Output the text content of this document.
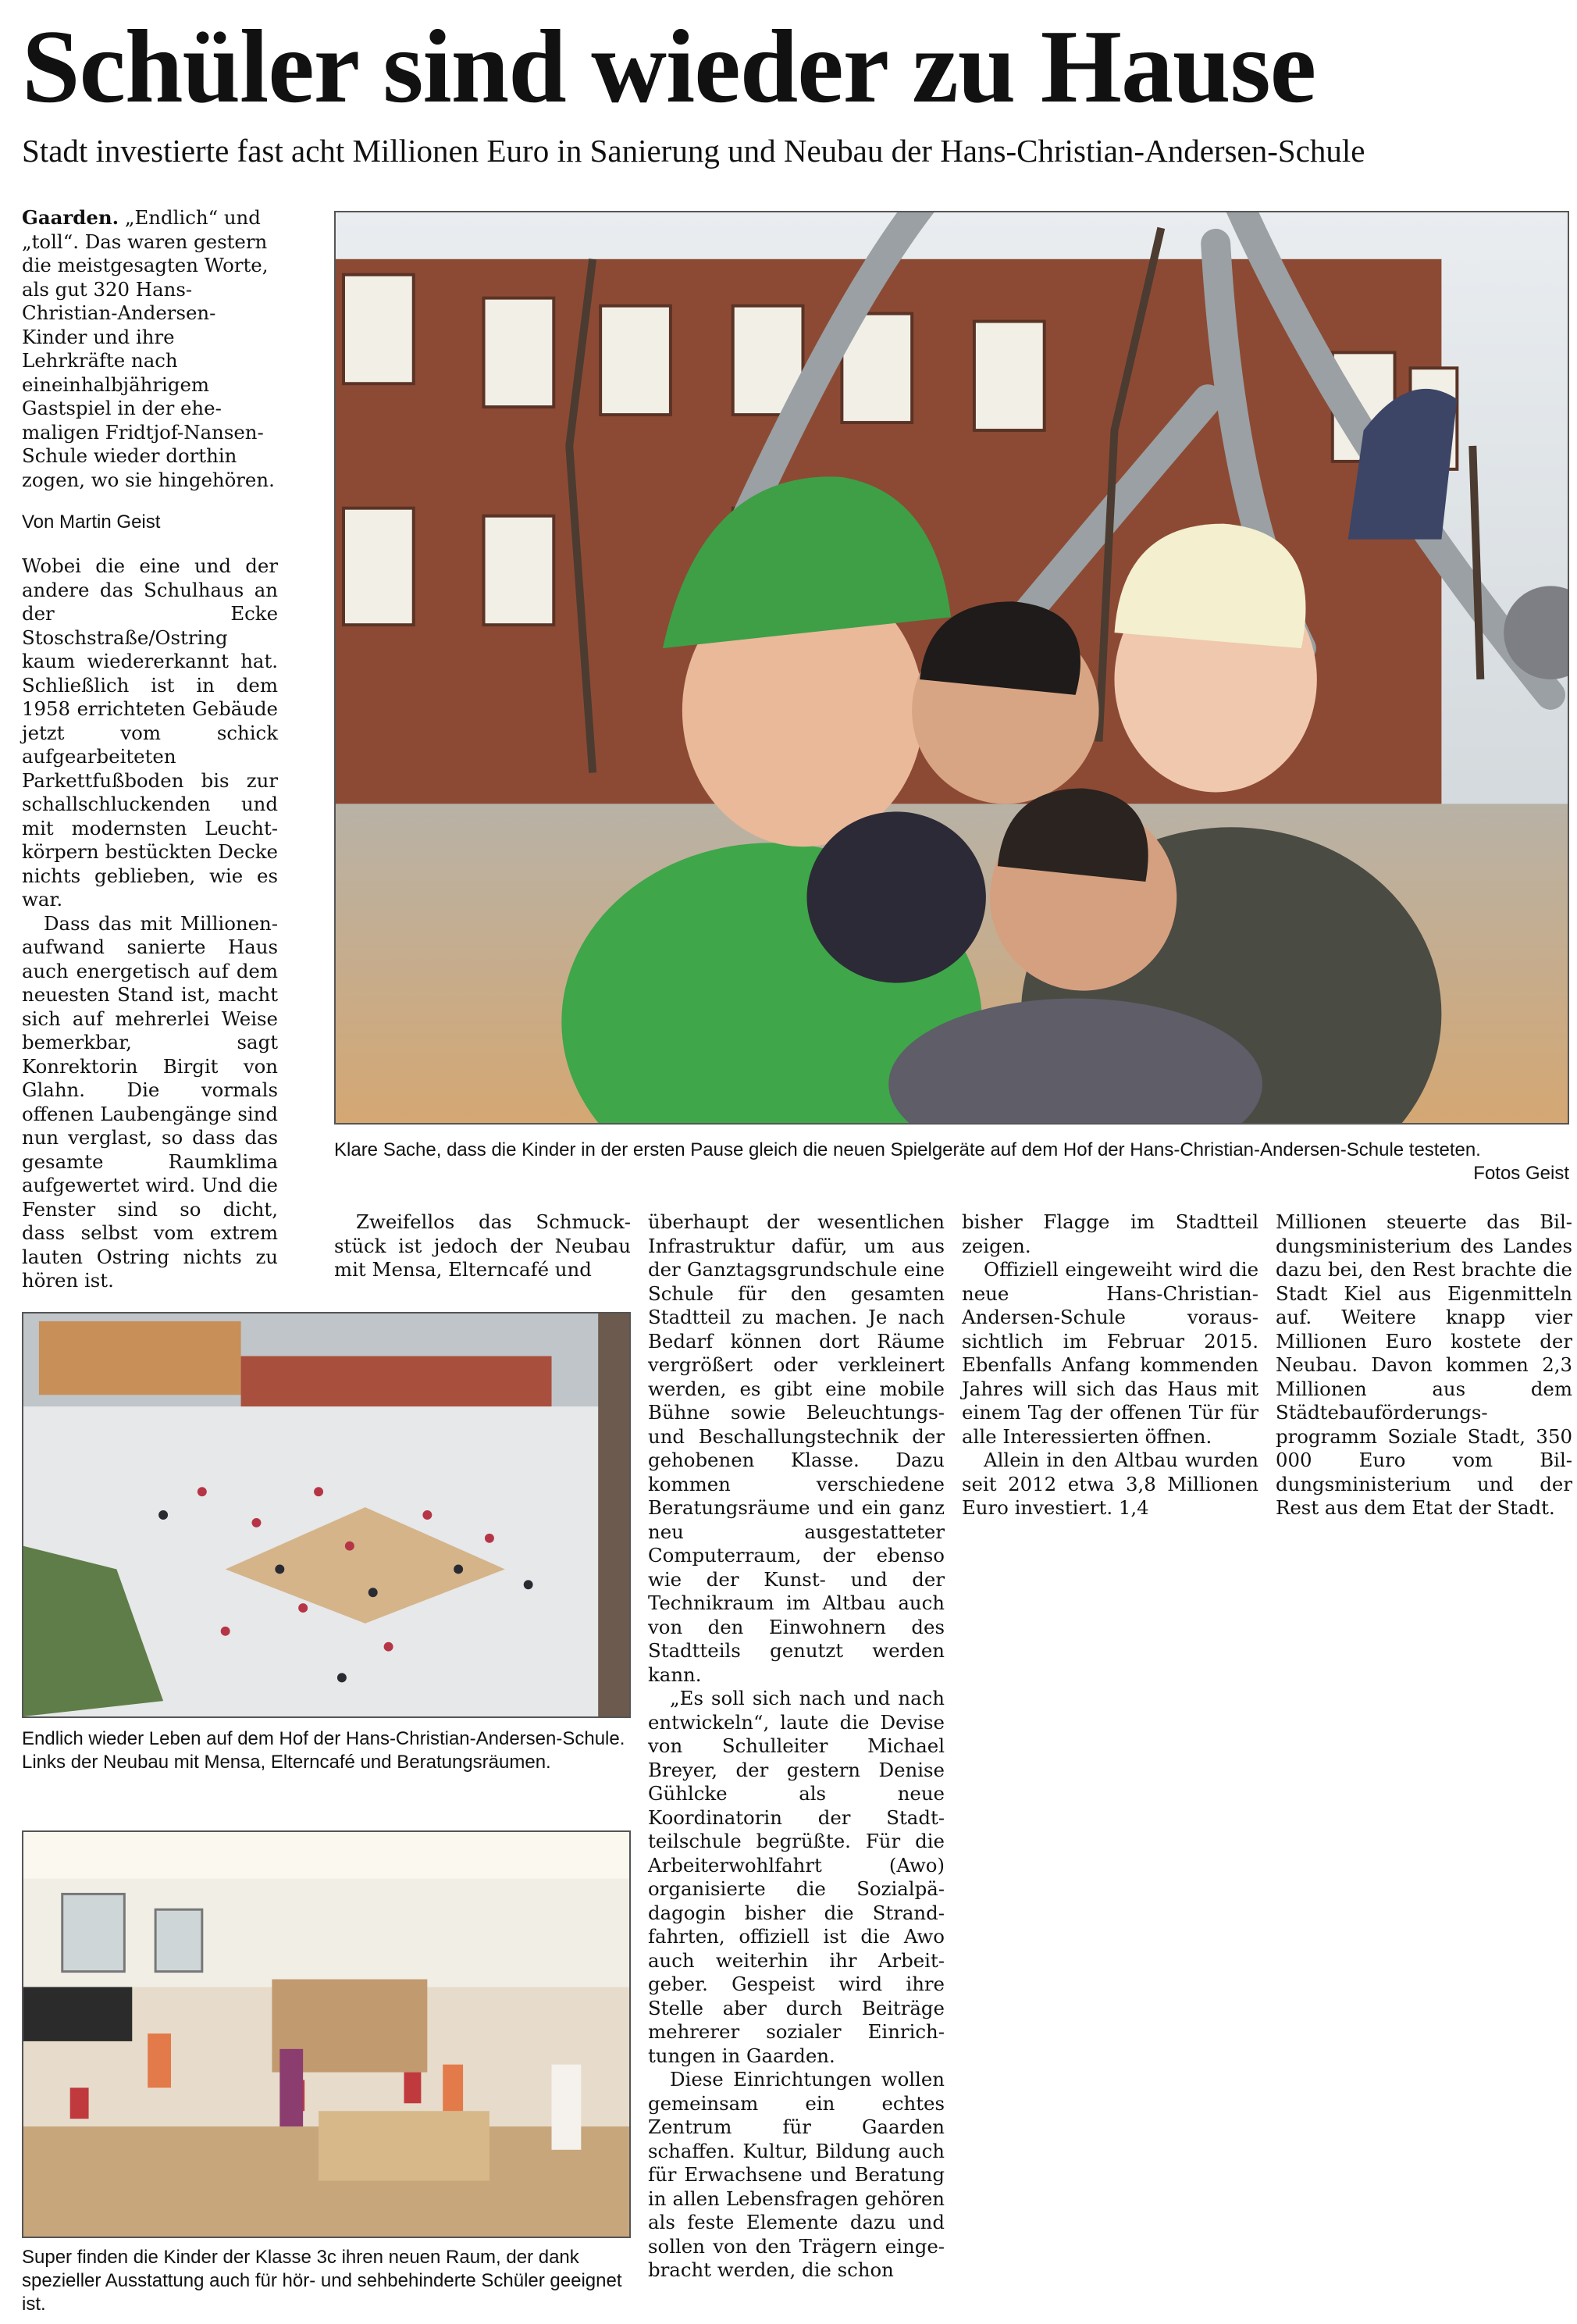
Schüler sind wieder zu Hause
Stadt investierte fast acht Millionen Euro in Sanierung und Neubau der Hans-Christian-Andersen-Schule

Gaarden. „Endlich“ und „toll“. Das waren gestern die meistgesagten Worte, als gut 320 Hans-Christian-Andersen-Kinder und ihre Lehrkräfte nach eineinhalbjährigem Gastspiel in der ehemaligen Fridtjof-Nansen-Schule wieder dorthin zogen, wo sie hingehören.

Von Martin Geist

Wobei die eine und der andere das Schulhaus an der Ecke Stoschstraße/Ostring kaum wiedererkannt hat. Schließlich ist in dem 1958 errichteten Gebäude jetzt vom schick aufgearbeiteten Parkettfußboden bis zur schallschluckenden und mit modernsten Leuchtkörpern bestückten Decke nichts geblieben, wie es war.

Dass das mit Millionenaufwand sanierte Haus auch energetisch auf dem neuesten Stand ist, macht sich auf mehrerlei Weise bemerkbar, sagt Konrektorin Birgit von Glahn. Die vormals offenen Laubengänge sind nun verglast, so dass das gesamte Raumklima aufgewertet wird. Und die Fenster sind so dicht, dass selbst vom extrem lauten Ostring nichts zu hören ist.

Klare Sache, dass die Kinder in der ersten Pause gleich die neuen Spielgeräte auf dem Hof der Hans-Christian-Andersen-Schule testeten.
Fotos Geist

Zweifellos das Schmuckstück ist jedoch der Neubau mit Mensa, Elterncafé und

überhaupt der wesentlichen Infrastruktur dafür, um aus der Ganztagsgrundschule eine Schule für den gesamten Stadtteil zu machen. Je nach Bedarf können dort Räume vergrößert oder verkleinert werden, es gibt eine mobile Bühne sowie Beleuchtungs- und Beschallungstechnik der gehobenen Klasse. Dazu kommen verschiedene Beratungsräume und ein ganz neu ausgestatteter Computerraum, der ebenso wie der Kunst- und der Technikraum im Altbau auch von den Einwohnern des Stadtteils genutzt werden kann.

„Es soll sich nach und nach entwickeln“, laute die Devise von Schulleiter Michael Breyer, der gestern Denise Gühlcke als neue Koordinatorin der Stadtteilschule begrüßte. Für die Arbeiterwohlfahrt (Awo) organisierte die Sozialpädagogin bisher die Strandfahrten, offiziell ist die Awo auch weiterhin ihr Arbeitgeber. Gespeist wird ihre Stelle aber durch Beiträge mehrerer sozialer Einrichtungen in Gaarden.

Diese Einrichtungen wollen gemeinsam ein echtes Zentrum für Gaarden schaffen. Kultur, Bildung auch für Erwachsene und Beratung in allen Lebensfragen gehören als feste Elemente dazu und sollen von den Trägern eingebracht werden, die schon

bisher Flagge im Stadtteil zeigen.

Offiziell eingeweiht wird die neue Hans-Christian-Andersen-Schule voraussichtlich im Februar 2015. Ebenfalls Anfang kommenden Jahres will sich das Haus mit einem Tag der offenen Tür für alle Interessierten öffnen.

Allein in den Altbau wurden seit 2012 etwa 3,8 Millionen Euro investiert. 1,4

Millionen steuerte das Bildungsministerium des Landes dazu bei, den Rest brachte die Stadt Kiel aus Eigenmitteln auf. Weitere knapp vier Millionen Euro kostete der Neubau. Davon kommen 2,3 Millionen aus dem Städtebauförderungsprogramm Soziale Stadt, 350 000 Euro vom Bildungsministerium und der Rest aus dem Etat der Stadt.

Endlich wieder Leben auf dem Hof der Hans-Christian-Andersen-Schule. Links der Neubau mit Mensa, Elterncafé und Beratungsräumen.
Super finden die Kinder der Klasse 3c ihren neuen Raum, der dank spezieller Ausstattung auch für hör- und sehbehinderte Schüler geeignet ist.
